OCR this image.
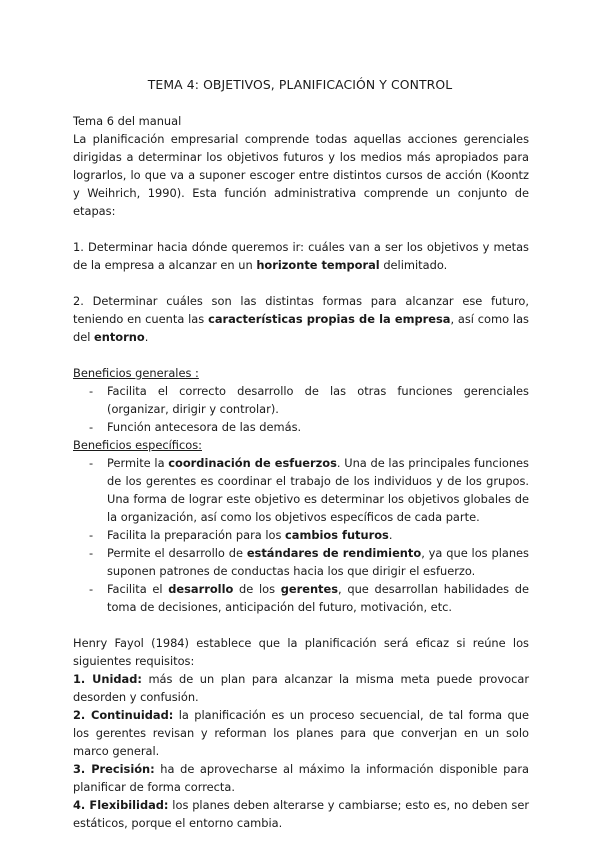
TEMA 4: OBJETIVOS, PLANIFICACIÓN Y CONTROL

Tema 6 del manual

La planificación empresarial comprende todas aquellas acciones gerenciales dirigidas a determinar los objetivos futuros y los medios más apropiados para lograrlos, lo que va a suponer escoger entre distintos cursos de acción (Koontz y Weihrich, 1990). Esta función administrativa comprende un conjunto de etapas:

1. Determinar hacia dónde queremos ir: cuáles van a ser los objetivos y metas de la empresa a alcanzar en un horizonte temporal delimitado.

2. Determinar cuáles son las distintas formas para alcanzar ese futuro, teniendo en cuenta las características propias de la empresa, así como las del entorno.

Beneficios generales :

- Facilita el correcto desarrollo de las otras funciones gerenciales (organizar, dirigir y controlar).
- Función antecesora de las demás.

Beneficios específicos:

- Permite la coordinación de esfuerzos. Una de las principales funciones de los gerentes es coordinar el trabajo de los individuos y de los grupos. Una forma de lograr este objetivo es determinar los objetivos globales de la organización, así como los objetivos específicos de cada parte.
- Facilita la preparación para los cambios futuros.
- Permite el desarrollo de estándares de rendimiento, ya que los planes suponen patrones de conductas hacia los que dirigir el esfuerzo.
- Facilita el desarrollo de los gerentes, que desarrollan habilidades de toma de decisiones, anticipación del futuro, motivación, etc.

Henry Fayol (1984) establece que la planificación será eficaz si reúne los siguientes requisitos:

1. Unidad: más de un plan para alcanzar la misma meta puede provocar desorden y confusión.

2. Continuidad: la planificación es un proceso secuencial, de tal forma que los gerentes revisan y reforman los planes para que converjan en un solo marco general.

3. Precisión: ha de aprovecharse al máximo la información disponible para planificar de forma correcta.

4. Flexibilidad: los planes deben alterarse y cambiarse; esto es, no deben ser estáticos, porque el entorno cambia.
